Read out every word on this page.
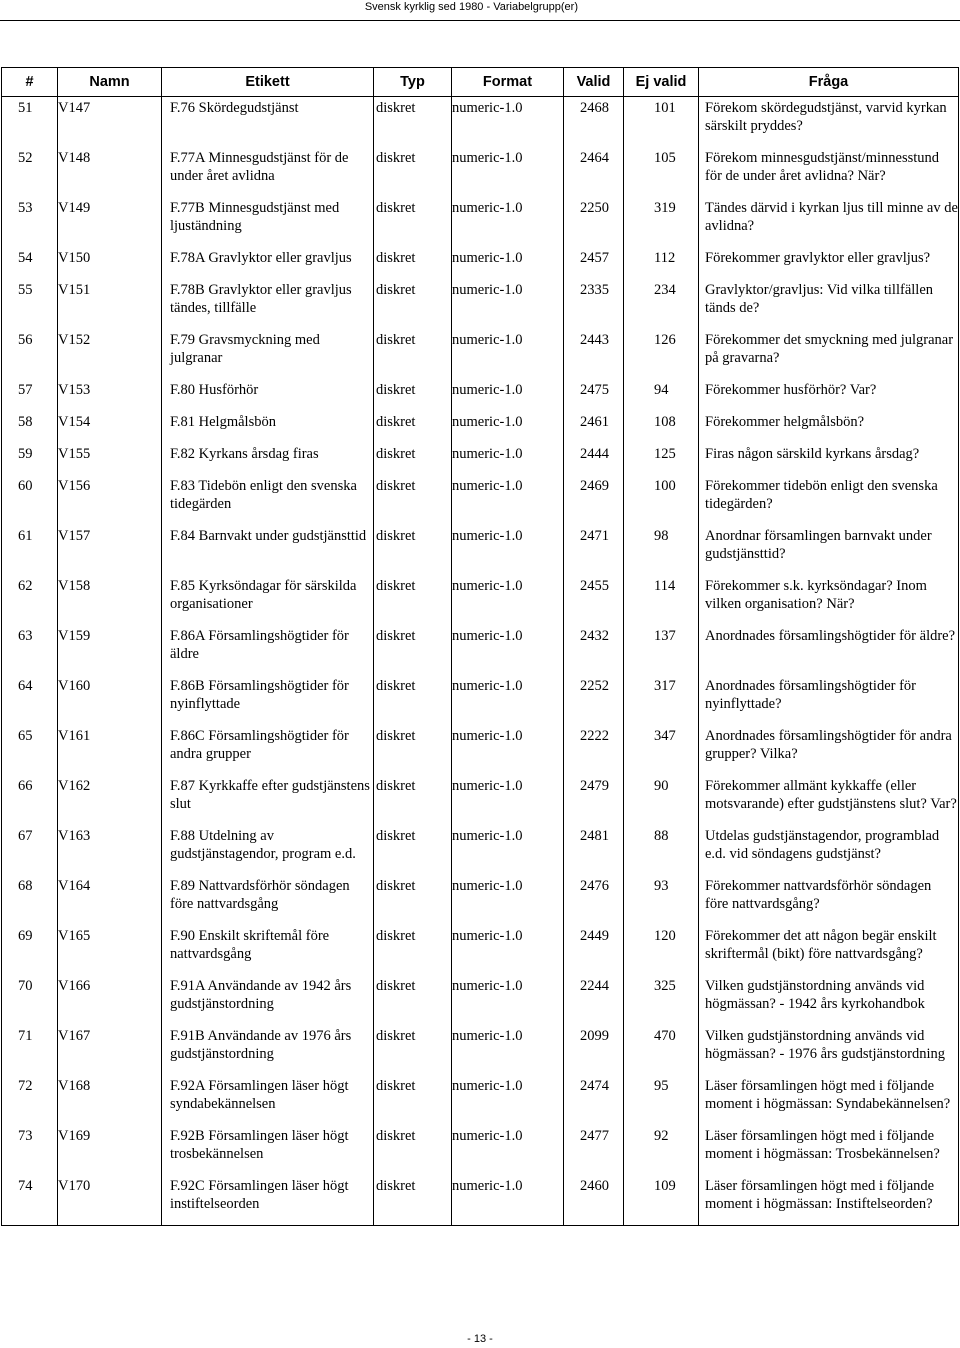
Svensk kyrklig sed 1980 - Variabelgrupp(er)
#	Namn	Etikett	Typ	Format	Valid	Ej valid	Fråga
51	V147	F.76 Skördegudstjänst	diskret	numeric-1.0	2468	101	Förekom skördegudstjänst, varvid kyrkan särskilt pryddes?
52	V148	F.77A Minnesgudstjänst för de under året avlidna	diskret	numeric-1.0	2464	105	Förekom minnesgudstjänst/minnesstund för de under året avlidna? När?
53	V149	F.77B Minnesgudstjänst med ljuständning	diskret	numeric-1.0	2250	319	Tändes därvid i kyrkan ljus till minne av de avlidna?
54	V150	F.78A Gravlyktor eller gravljus	diskret	numeric-1.0	2457	112	Förekommer gravlyktor eller gravljus?
55	V151	F.78B Gravlyktor eller gravljus tändes, tillfälle	diskret	numeric-1.0	2335	234	Gravlyktor/gravljus: Vid vilka tillfällen tänds de?
56	V152	F.79 Gravsmyckning med julgranar	diskret	numeric-1.0	2443	126	Förekommer det smyckning med julgranar på gravarna?
57	V153	F.80 Husförhör	diskret	numeric-1.0	2475	94	Förekommer husförhör? Var?
58	V154	F.81 Helgmålsbön	diskret	numeric-1.0	2461	108	Förekommer helgmålsbön?
59	V155	F.82 Kyrkans årsdag firas	diskret	numeric-1.0	2444	125	Firas någon särskild kyrkans årsdag?
60	V156	F.83 Tidebön enligt den svenska tidegärden	diskret	numeric-1.0	2469	100	Förekommer tidebön enligt den svenska tidegärden?
61	V157	F.84 Barnvakt under gudstjänsttid	diskret	numeric-1.0	2471	98	Anordnar församlingen barnvakt under gudstjänsttid?
62	V158	F.85 Kyrksöndagar för särskilda organisationer	diskret	numeric-1.0	2455	114	Förekommer s.k. kyrksöndagar? Inom vilken organisation? När?
63	V159	F.86A Församlingshögtider för äldre	diskret	numeric-1.0	2432	137	Anordnades församlingshögtider för äldre?
64	V160	F.86B Församlingshögtider för nyinflyttade	diskret	numeric-1.0	2252	317	Anordnades församlingshögtider för nyinflyttade?
65	V161	F.86C Församlingshögtider för andra grupper	diskret	numeric-1.0	2222	347	Anordnades församlingshögtider för andra grupper? Vilka?
66	V162	F.87 Kyrkkaffe efter gudstjänstens slut	diskret	numeric-1.0	2479	90	Förekommer allmänt kykkaffe (eller motsvarande) efter gudstjänstens slut? Var?
67	V163	F.88 Utdelning av gudstjänstagendor, program e.d.	diskret	numeric-1.0	2481	88	Utdelas gudstjänstagendor, programblad e.d. vid söndagens gudstjänst?
68	V164	F.89 Nattvardsförhör söndagen före nattvardsgång	diskret	numeric-1.0	2476	93	Förekommer nattvardsförhör söndagen före nattvardsgång?
69	V165	F.90 Enskilt skriftemål före nattvardsgång	diskret	numeric-1.0	2449	120	Förekommer det att någon begär enskilt skriftermål (bikt) före nattvardsgång?
70	V166	F.91A Användande av 1942 års gudstjänstordning	diskret	numeric-1.0	2244	325	Vilken gudstjänstordning används vid högmässan? - 1942 års kyrkohandbok
71	V167	F.91B Användande av 1976 års gudstjänstordning	diskret	numeric-1.0	2099	470	Vilken gudstjänstordning används vid högmässan? - 1976 års gudstjänstordning
72	V168	F.92A Församlingen läser högt syndabekännelsen	diskret	numeric-1.0	2474	95	Läser församlingen högt med i följande moment i högmässan: Syndabekännelsen?
73	V169	F.92B Församlingen läser högt trosbekännelsen	diskret	numeric-1.0	2477	92	Läser församlingen högt med i följande moment i högmässan: Trosbekännelsen?
74	V170	F.92C Församlingen läser högt instiftelseorden	diskret	numeric-1.0	2460	109	Läser församlingen högt med i följande moment i högmässan: Instiftelseorden?
- 13 -
